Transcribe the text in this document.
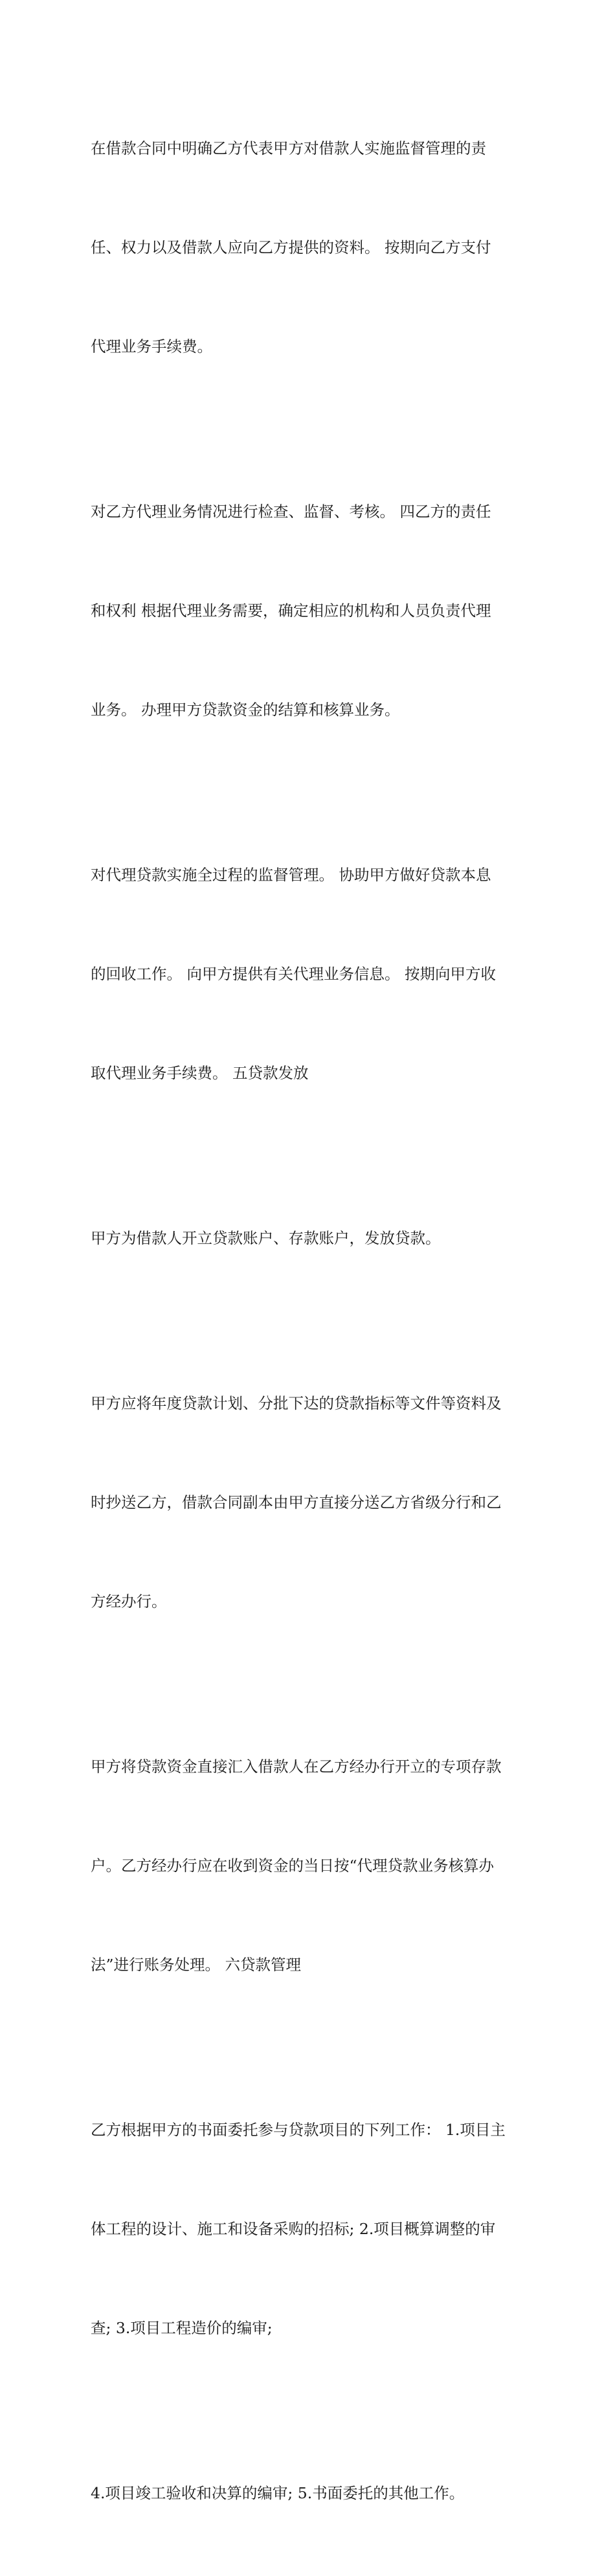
在借款合同中明确乙方代表甲方对借款人实施监督管理的责

任、权力以及借款人应向乙方提供的资料。 按期向乙方支付

代理业务手续费。

对乙方代理业务情况进行检查、监督、考核。 四乙方的责任

和权利 根据代理业务需要，确定相应的机构和人员负责代理

业务。 办理甲方贷款资金的结算和核算业务。

对代理贷款实施全过程的监督管理。 协助甲方做好贷款本息

的回收工作。 向甲方提供有关代理业务信息。 按期向甲方收

取代理业务手续费。 五贷款发放

甲方为借款人开立贷款账户、存款账户，发放贷款。

甲方应将年度贷款计划、分批下达的贷款指标等文件等资料及

时抄送乙方，借款合同副本由甲方直接分送乙方省级分行和乙

方经办行。

甲方将贷款资金直接汇入借款人在乙方经办行开立的专项存款

户。乙方经办行应在收到资金的当日按“代理贷款业务核算办

法”进行账务处理。 六贷款管理

乙方根据甲方的书面委托参与贷款项目的下列工作： 1.项目主

体工程的设计、施工和设备采购的招标; 2.项目概算调整的审

查; 3.项目工程造价的编审;

4.项目竣工验收和决算的编审; 5.书面委托的其他工作。
